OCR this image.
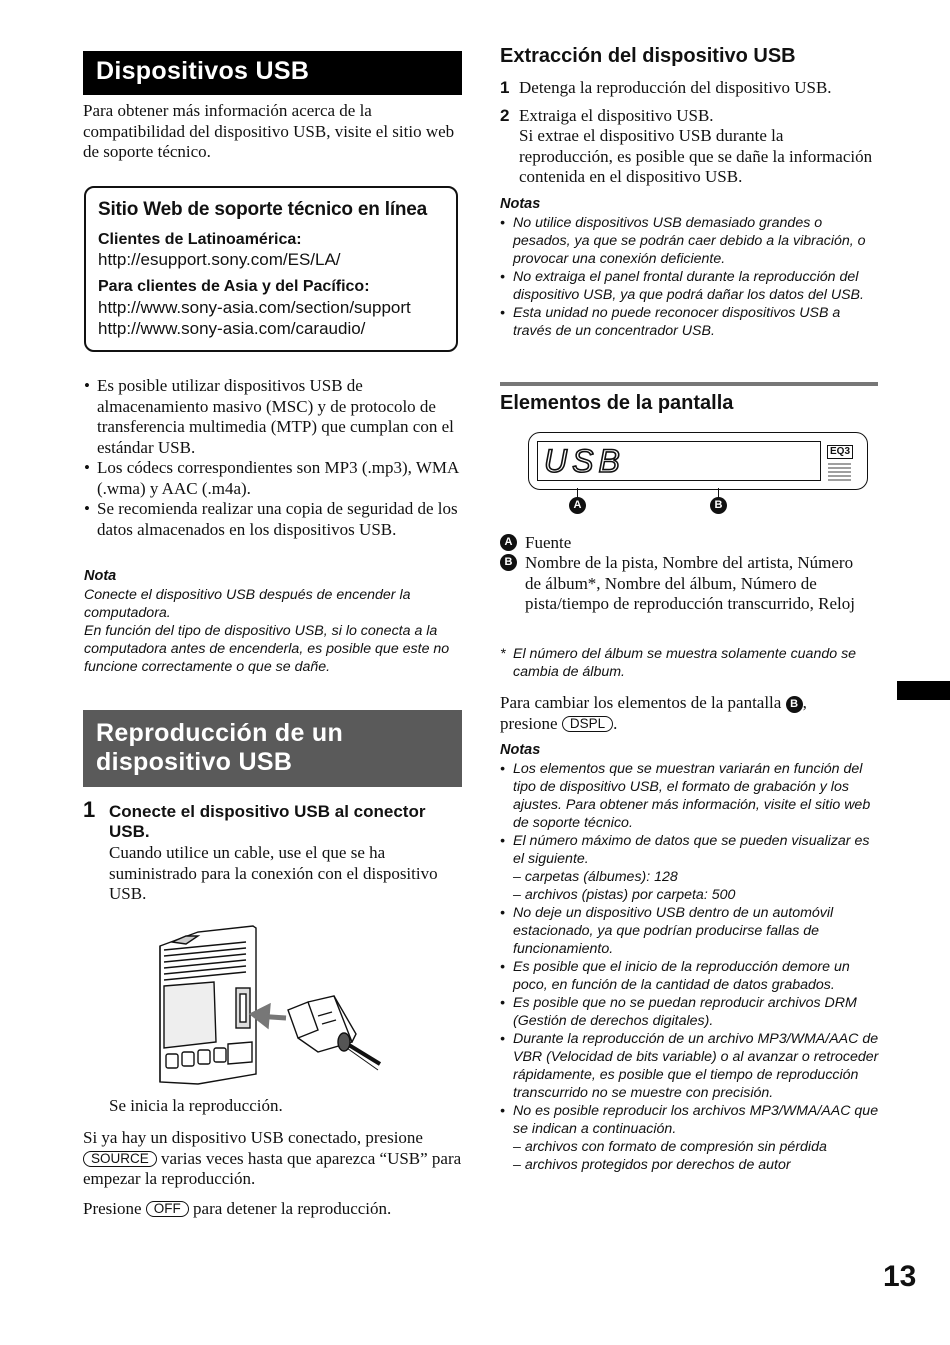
Dispositivos USB
Para obtener más información acerca de la compatibilidad del dispositivo USB, visite el sitio web de soporte técnico.
Sitio Web de soporte técnico en línea
Clientes de Latinoamérica:
http://esupport.sony.com/ES/LA/
Para clientes de Asia y del Pacífico:
http://www.sony-asia.com/section/support
http://www.sony-asia.com/caraudio/
• Es posible utilizar dispositivos USB de almacenamiento masivo (MSC) y de protocolo de transferencia multimedia (MTP) que cumplan con el estándar USB.
• Los códecs correspondientes son MP3 (.mp3), WMA (.wma) y AAC (.m4a).
• Se recomienda realizar una copia de seguridad de los datos almacenados en los dispositivos USB.
Nota
Conecte el dispositivo USB después de encender la computadora.
En función del tipo de dispositivo USB, si lo conecta a la computadora antes de encenderla, es posible que este no funcione correctamente o que se dañe.
Reproducción de un dispositivo USB
1 Conecte el dispositivo USB al conector USB.
Cuando utilice un cable, use el que se ha suministrado para la conexión con el dispositivo USB.
Se inicia la reproducción.
Si ya hay un dispositivo USB conectado, presione SOURCE varias veces hasta que aparezca “USB” para empezar la reproducción.
Presione OFF para detener la reproducción.
Extracción del dispositivo USB
1 Detenga la reproducción del dispositivo USB.
2 Extraiga el dispositivo USB.
Si extrae el dispositivo USB durante la reproducción, es posible que se dañe la información contenida en el dispositivo USB.
Notas
• No utilice dispositivos USB demasiado grandes o pesados, ya que se podrán caer debido a la vibración, o provocar una conexión deficiente.
• No extraiga el panel frontal durante la reproducción del dispositivo USB, ya que podrá dañar los datos del USB.
• Esta unidad no puede reconocer dispositivos USB a través de un concentrador USB.
Elementos de la pantalla
USB	EQ3
A	B
A Fuente
B Nombre de la pista, Nombre del artista, Número de álbum*, Nombre del álbum, Número de pista/tiempo de reproducción transcurrido, Reloj
* El número del álbum se muestra solamente cuando se cambia de álbum.
Para cambiar los elementos de la pantalla B ,
presione DSPL .
Notas
• Los elementos que se muestran variarán en función del tipo de dispositivo USB, el formato de grabación y los ajustes. Para obtener más información, visite el sitio web de soporte técnico.
• El número máximo de datos que se pueden visualizar es el siguiente.
– carpetas (álbumes): 128
– archivos (pistas) por carpeta: 500
• No deje un dispositivo USB dentro de un automóvil estacionado, ya que podrían producirse fallas de funcionamiento.
• Es posible que el inicio de la reproducción demore un poco, en función de la cantidad de datos grabados.
• Es posible que no se puedan reproducir archivos DRM (Gestión de derechos digitales).
• Durante la reproducción de un archivo MP3/WMA/AAC de VBR (Velocidad de bits variable) o al avanzar o retroceder rápidamente, es posible que el tiempo de reproducción transcurrido no se muestre con precisión.
• No es posible reproducir los archivos MP3/WMA/AAC que se indican a continuación.
– archivos con formato de compresión sin pérdida
– archivos protegidos por derechos de autor
13
